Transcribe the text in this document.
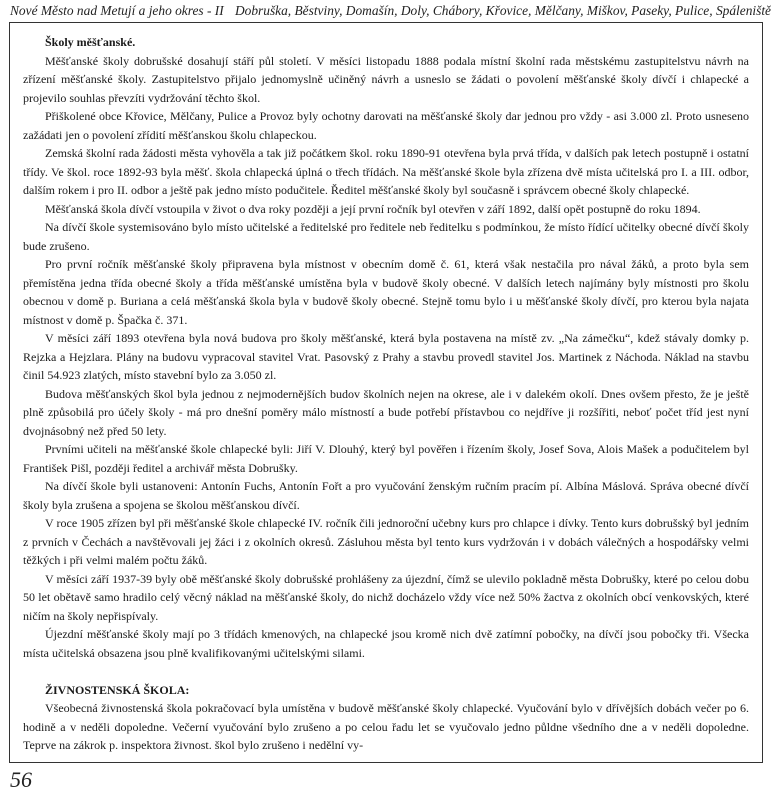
Nové Město nad Metují a jeho okres - II Dobruška, Běstviny, Domašín, Doly, Chábory, Křovice, Mělčany, Miškov, Paseky, Pulice, Spáleniště
Školy měšťanské.

Měšťanské školy dobrušské dosahují stáří půl století. V měsíci listopadu 1888 podala místní školní rada městskému zastupitelstvu návrh na zřízení měšťanské školy. Zastupitelstvo přijalo jednomyslně učiněný návrh a usneslo se žádati o povolení měšťanské školy dívčí i chlapecké a projevilo souhlas převzíti vydržování těchto škol.

Přiškolené obce Křovice, Mělčany, Pulice a Provoz byly ochotny darovati na měšťanské školy dar jednou pro vždy - asi 3.000 zl. Proto usneseno zažádati jen o povolení zřídití měšťanskou školu chlapeckou.

Zemská školní rada žádosti města vyhověla a tak již počátkem škol. roku 1890-91 otevřena byla prvá třída, v dalších pak letech postupně i ostatní třídy. Ve škol. roce 1892-93 byla měšť. škola chlapecká úplná o třech třídách. Na měšťanské škole byla zřízena dvě místa učitelská pro I. a III. odbor, dalším rokem i pro II. odbor a ještě pak jedno místo podučitele. Ředitel měšťanské školy byl současně i správcem obecné školy chlapecké.

Měšťanská škola dívčí vstoupila v život o dva roky později a její první ročník byl otevřen v září 1892, další opět postupně do roku 1894.

Na dívčí škole systemisováno bylo místo učitelské a ředitelské pro ředitele neb ředitelku s podmínkou, že místo řídící učitelky obecné dívčí školy bude zrušeno.

Pro první ročník měšťanské školy připravena byla místnost v obecním domě č. 61, která však nestačila pro nával žáků, a proto byla sem přemístěna jedna třída obecné školy a třída měšťanské umístěna byla v budově školy obecné. V dalších letech najímány byly místnosti pro školu obecnou v domě p. Buriana a celá měšťanská škola byla v budově školy obecné. Stejně tomu bylo i u měšťanské školy dívčí, pro kterou byla najata místnost v domě p. Špačka č. 371.

V měsíci září 1893 otevřena byla nová budova pro školy měšťanské, která byla postavena na místě zv. „Na zámečku“, kdež stávaly domky p. Rejzka a Hejzlara. Plány na budovu vypracoval stavitel Vrat. Pasovský z Prahy a stavbu provedl stavitel Jos. Martinek z Náchoda. Náklad na stavbu činil 54.923 zlatých, místo stavební bylo za 3.050 zl.

Budova měšťanských škol byla jednou z nejmodernějších budov školních nejen na okrese, ale i v dalekém okolí. Dnes ovšem přesto, že je ještě plně způsobilá pro účely školy - má pro dnešní poměry málo místností a bude potřebí přístavbou co nejdříve ji rozšířiti, neboť počet tříd jest nyní dvojnásobný než před 50 lety.

Prvními učiteli na měšťanské škole chlapecké byli: Jiří V. Dlouhý, který byl pověřen i řízením školy, Josef Sova, Alois Mašek a podučitelem byl František Pišl, později ředitel a archivář města Dobrušky.

Na dívčí škole byli ustanoveni: Antonín Fuchs, Antonín Fořt a pro vyučování ženským ručním pracím pí. Albína Máslová. Správa obecné dívčí školy byla zrušena a spojena se školou měšťanskou dívčí.

V roce 1905 zřízen byl při měšťanské škole chlapecké IV. ročník čili jednoroční učebny kurs pro chlapce i dívky. Tento kurs dobrušský byl jedním z prvních v Čechách a navštěvovali jej žáci i z okolních okresů. Zásluhou města byl tento kurs vydržován i v dobách válečných a hospodářsky velmi těžkých i při velmi malém počtu žáků.

V měsíci září 1937-39 byly obě měšťanské školy dobrušské prohlášeny za újezdní, čímž se ulevilo pokladně města Dobrušky, které po celou dobu 50 let obětavě samo hradilo celý věcný náklad na měšťanské školy, do nichž docházelo vždy více než 50% žactva z okolních obcí venkovských, které ničím na školy nepřispívaly.

Újezdní měšťanské školy mají po 3 třídách kmenových, na chlapecké jsou kromě nich dvě zatímní pobočky, na dívčí jsou pobočky tři. Všecka místa učitelská obsazena jsou plně kvalifikovanými učitelskými silami.

ŽIVNOSTENSKÁ ŠKOLA:

Všeobecná živnostenská škola pokračovací byla umístěna v budově měšťanské školy chlapecké. Vyučování bylo v dřívějších dobách večer po 6. hodině a v neděli dopoledne. Večerní vyučování bylo zrušeno a po celou řadu let se vyučovalo jedno půldne všedního dne a v neděli dopoledne. Teprve na zákrok p. inspektora živnost. škol bylo zrušeno i nedělní vy-

56
